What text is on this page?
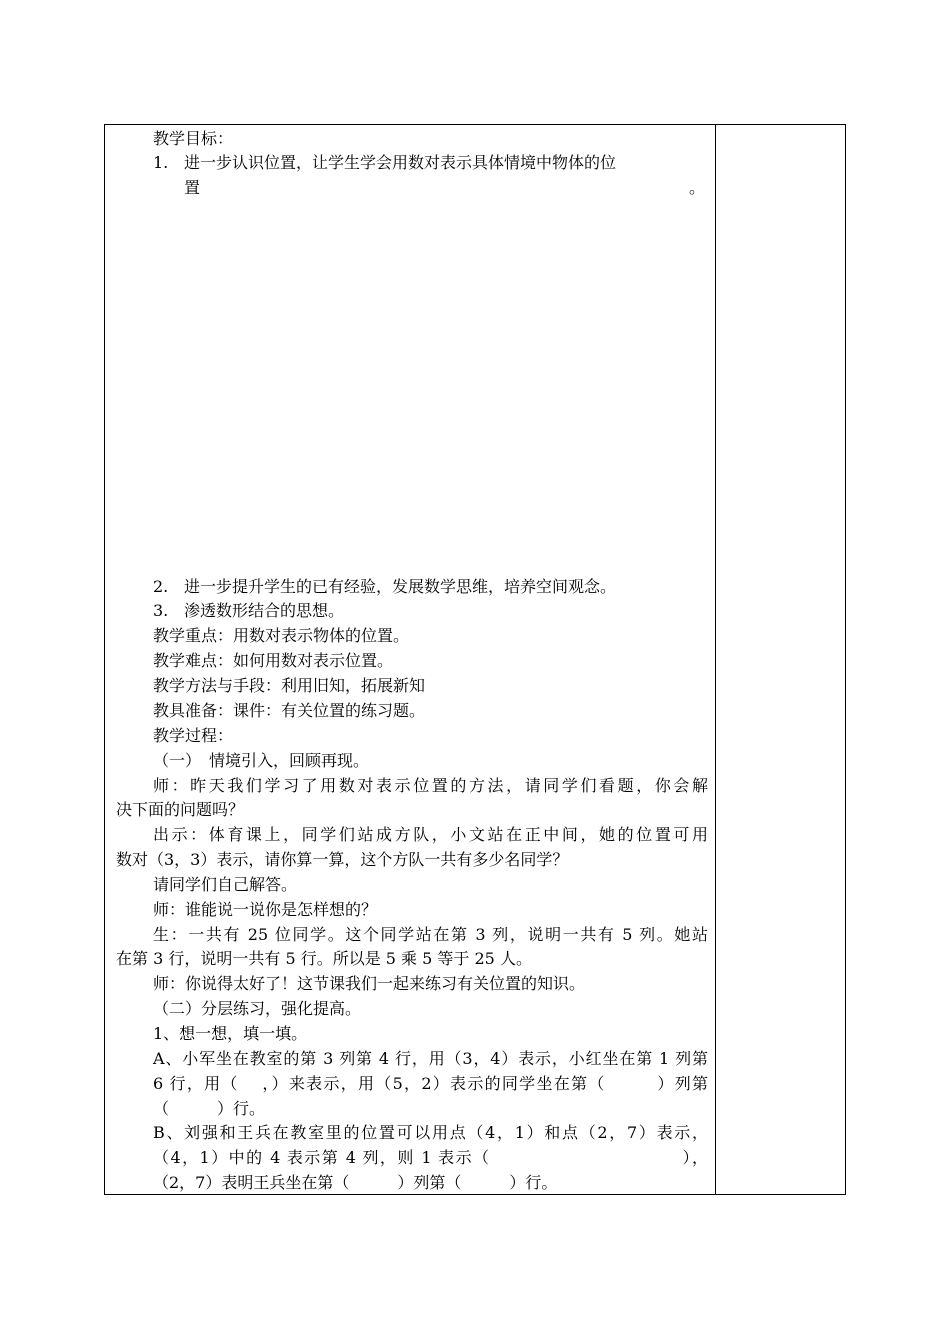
教学目标：
1. 进一步认识位置，让学生学会用数对表示具体情境中物体的位
置	。
2. 进一步提升学生的已有经验，发展数学思维，培养空间观念。
3. 渗透数形结合的思想。
教学重点：用数对表示物体的位置。
教学难点：如何用数对表示位置。
教学方法与手段：利用旧知，拓展新知
教具准备：课件：有关位置的练习题。
教学过程：
（一）　情境引入，回顾再现。
师：昨天我们学习了用数对表示位置的方法，请同学们看题，你会解
决下面的问题吗？
出示：体育课上，同学们站成方队，小文站在正中间，她的位置可用
数对（3，3）表示，请你算一算，这个方队一共有多少名同学？
请同学们自己解答。
师：谁能说一说你是怎样想的？
生：一共有 25 位同学。这个同学站在第 3 列，说明一共有 5 列。她站
在第 3 行，说明一共有 5 行。所以是 5 乘 5 等于 25 人。
师：你说得太好了！这节课我们一起来练习有关位置的知识。
（二）分层练习，强化提高。
1、想一想，填一填。
A、小军坐在教室的第 3 列第 4 行，用（3，4）表示，小红坐在第 1 列第
6 行，用（　 ，）来表示，用（5，2）表示的同学坐在第（　　　）列第
（　　　）行。
B、刘强和王兵在教室里的位置可以用点（4，1）和点（2，7）表示，
（4，1）中的 4 表示第 4 列，则 1 表示（　　　　　　　　　　　），
（2，7）表明王兵坐在第（　　　）列第（　　　）行。
